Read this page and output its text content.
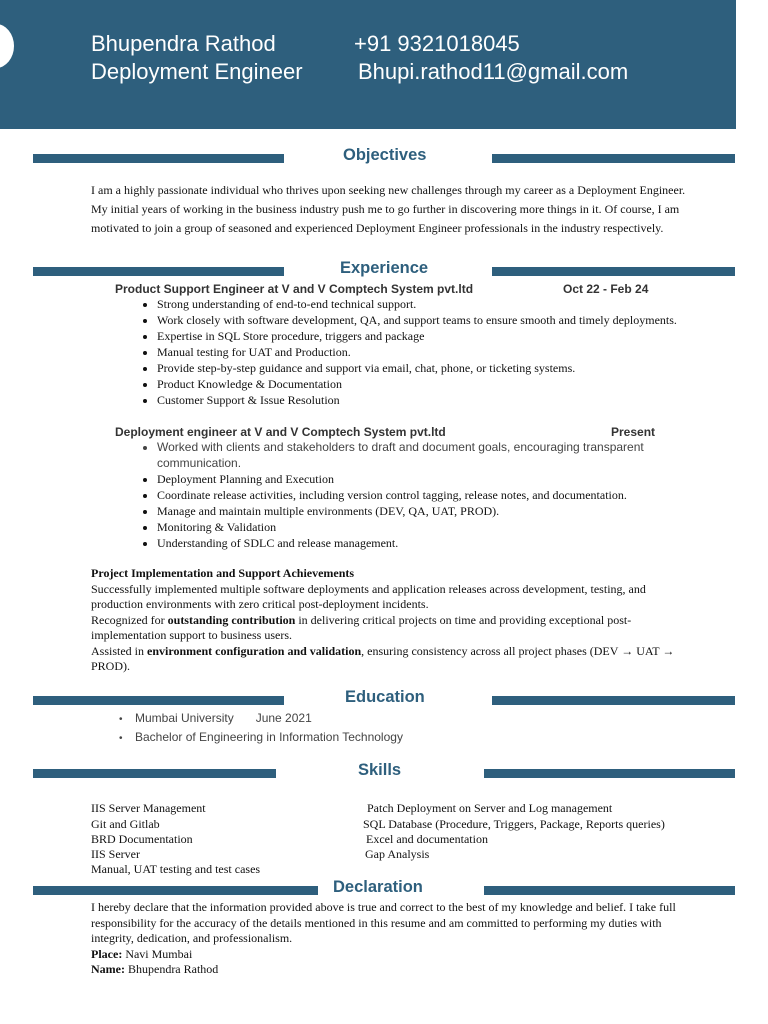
Bhupendra Rathod
Deployment Engineer
+91 9321018045
Bhupi.rathod11@gmail.com
Objectives
I am a highly passionate individual who thrives upon seeking new challenges through my career as a Deployment Engineer. My initial years of working in the business industry push me to go further in discovering more things in it. Of course, I am motivated to join a group of seasoned and experienced Deployment Engineer professionals in the industry respectively.
Experience
Product Support Engineer at V and V Comptech System pvt.ltd	Oct 22 - Feb 24
• Strong understanding of end-to-end technical support.
• Work closely with software development, QA, and support teams to ensure smooth and timely deployments.
• Expertise in SQL Store procedure, triggers and package
• Manual testing for UAT and Production.
• Provide step-by-step guidance and support via email, chat, phone, or ticketing systems.
• Product Knowledge & Documentation
• Customer Support & Issue Resolution
Deployment engineer at V and V Comptech System pvt.ltd	Present
• Worked with clients and stakeholders to draft and document goals, encouraging transparent communication.
• Deployment Planning and Execution
• Coordinate release activities, including version control tagging, release notes, and documentation.
• Manage and maintain multiple environments (DEV, QA, UAT, PROD).
• Monitoring & Validation
• Understanding of SDLC and release management.
Project Implementation and Support Achievements
Successfully implemented multiple software deployments and application releases across development, testing, and production environments with zero critical post-deployment incidents.
Recognized for outstanding contribution in delivering critical projects on time and providing exceptional post-implementation support to business users.
Assisted in environment configuration and validation, ensuring consistency across all project phases (DEV → UAT → PROD).
Education
• Mumbai University June 2021
• Bachelor of Engineering in Information Technology
Skills
IIS Server Management
Git and Gitlab
BRD Documentation
IIS Server
Manual, UAT testing and test cases
Patch Deployment on Server and Log management
SQL Database (Procedure, Triggers, Package, Reports queries)
Excel and documentation
Gap Analysis
Declaration
I hereby declare that the information provided above is true and correct to the best of my knowledge and belief. I take full responsibility for the accuracy of the details mentioned in this resume and am committed to performing my duties with integrity, dedication, and professionalism.
Place: Navi Mumbai
Name: Bhupendra Rathod
